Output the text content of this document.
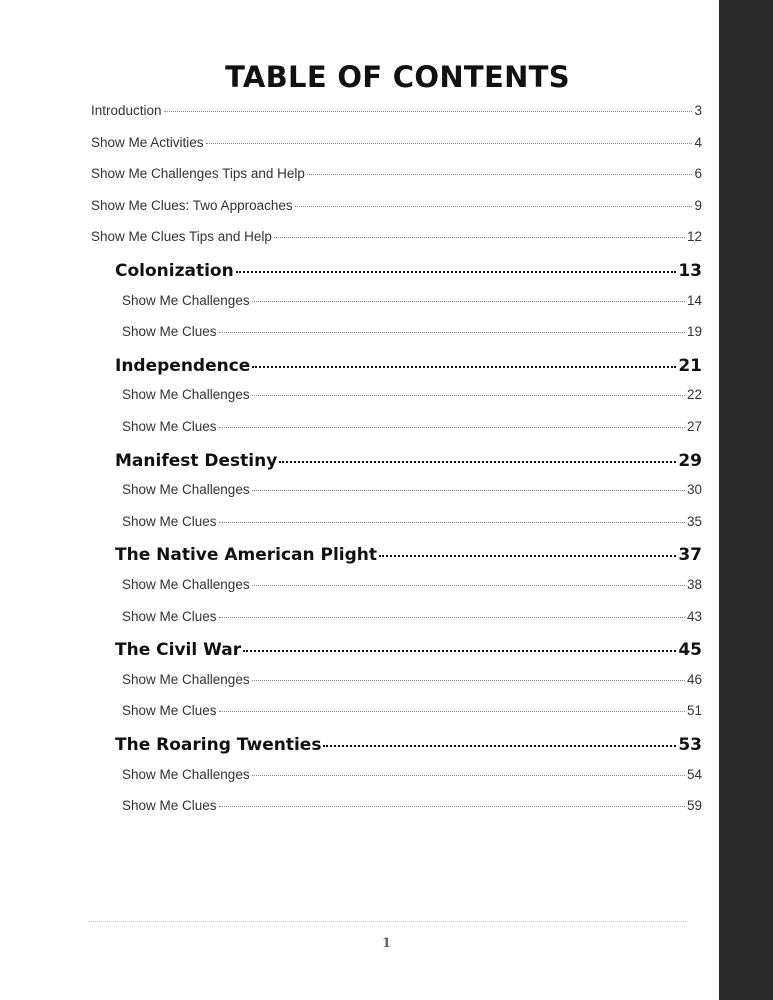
TABLE OF CONTENTS
Introduction	3
Show Me Activities	4
Show Me Challenges Tips and Help	6
Show Me Clues: Two Approaches	9
Show Me Clues Tips and Help	12
Colonization	13
Show Me Challenges	14
Show Me Clues	19
Independence	21
Show Me Challenges	22
Show Me Clues	27
Manifest Destiny	29
Show Me Challenges	30
Show Me Clues	35
The Native American Plight	37
Show Me Challenges	38
Show Me Clues	43
The Civil War	45
Show Me Challenges	46
Show Me Clues	51
The Roaring Twenties	53
Show Me Challenges	54
Show Me Clues	59
1
